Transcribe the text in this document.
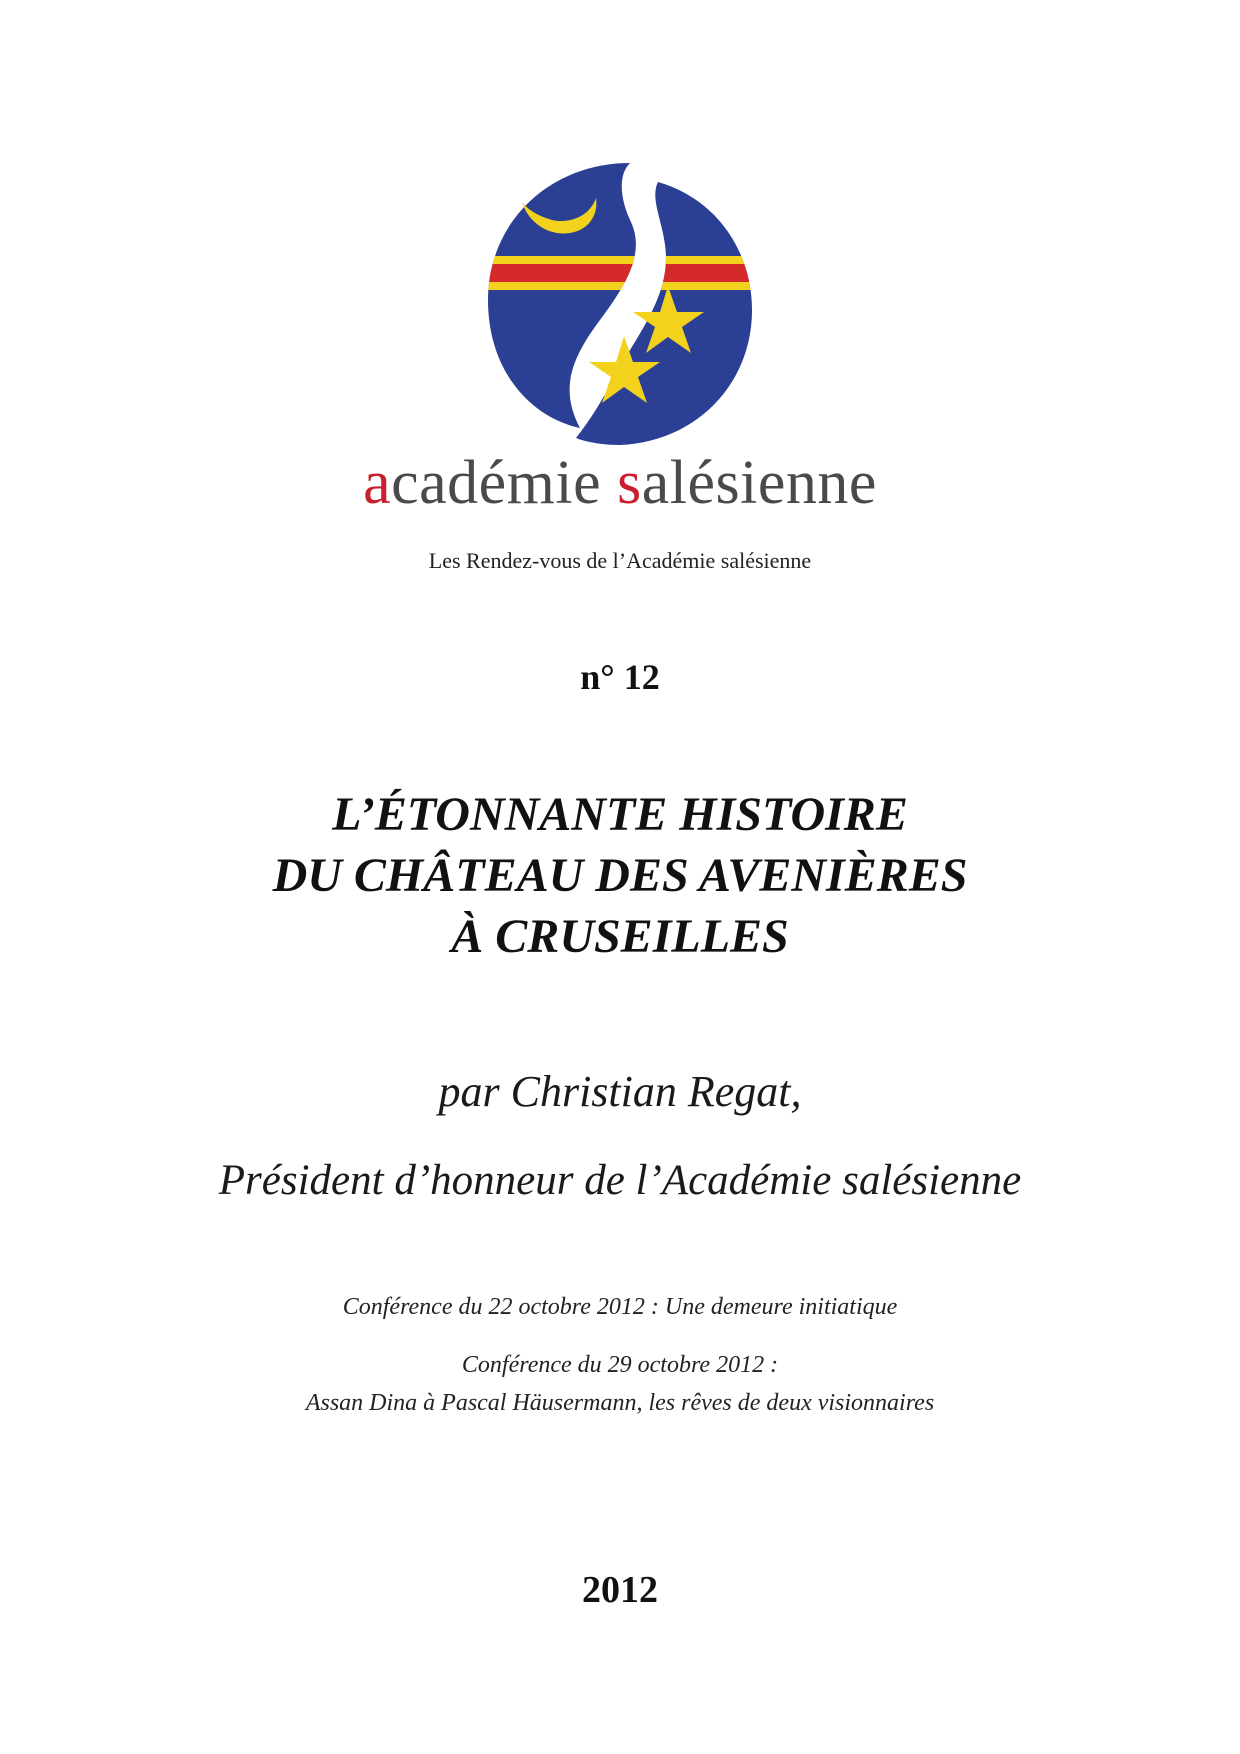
académie salésienne
Les Rendez-vous de l’Académie salésienne
n° 12
L’ÉTONNANTE HISTOIRE
DU CHÂTEAU DES AVENIÈRES
À CRUSEILLES
par Christian Regat,
Président d’honneur de l’Académie salésienne
Conférence du 22 octobre 2012 : Une demeure initiatique
Conférence du 29 octobre 2012 :
Assan Dina à Pascal Häusermann, les rêves de deux visionnaires
2012
